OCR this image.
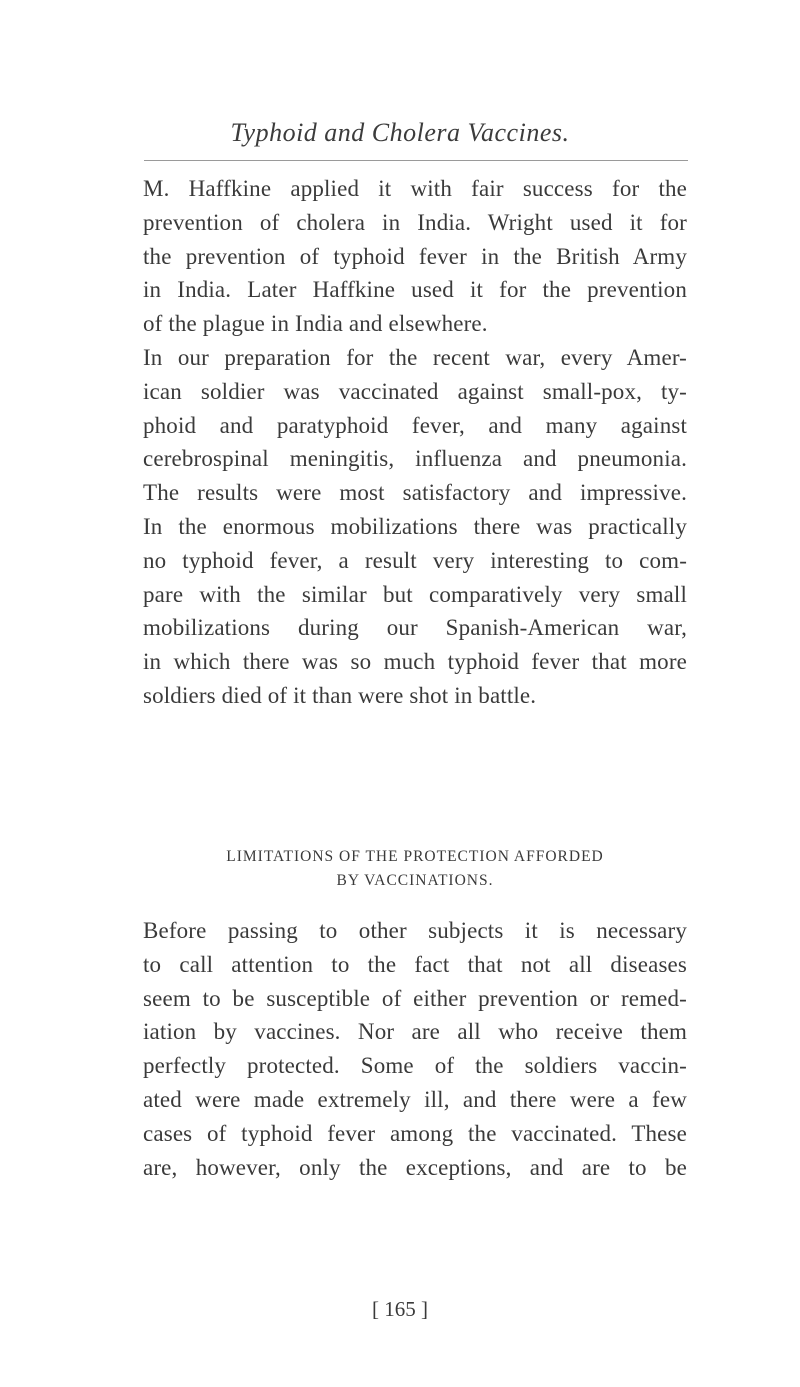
Typhoid and Cholera Vaccines.
M. Haffkine applied it with fair success for the
prevention of cholera in India. Wright used it for
the prevention of typhoid fever in the British Army
in India. Later Haffkine used it for the prevention
of the plague in India and elsewhere.
In our preparation for the recent war, every Amer-
ican soldier was vaccinated against small-pox, ty-
phoid and paratyphoid fever, and many against
cerebrospinal meningitis, influenza and pneumonia.
The results were most satisfactory and impressive.
In the enormous mobilizations there was practically
no typhoid fever, a result very interesting to com-
pare with the similar but comparatively very small
mobilizations during our Spanish-American war,
in which there was so much typhoid fever that more
soldiers died of it than were shot in battle.
LIMITATIONS OF THE PROTECTION AFFORDED
BY VACCINATIONS.
Before passing to other subjects it is necessary
to call attention to the fact that not all diseases
seem to be susceptible of either prevention or remed-
iation by vaccines. Nor are all who receive them
perfectly protected. Some of the soldiers vaccin-
ated were made extremely ill, and there were a few
cases of typhoid fever among the vaccinated. These
are, however, only the exceptions, and are to be
[ 165 ]
